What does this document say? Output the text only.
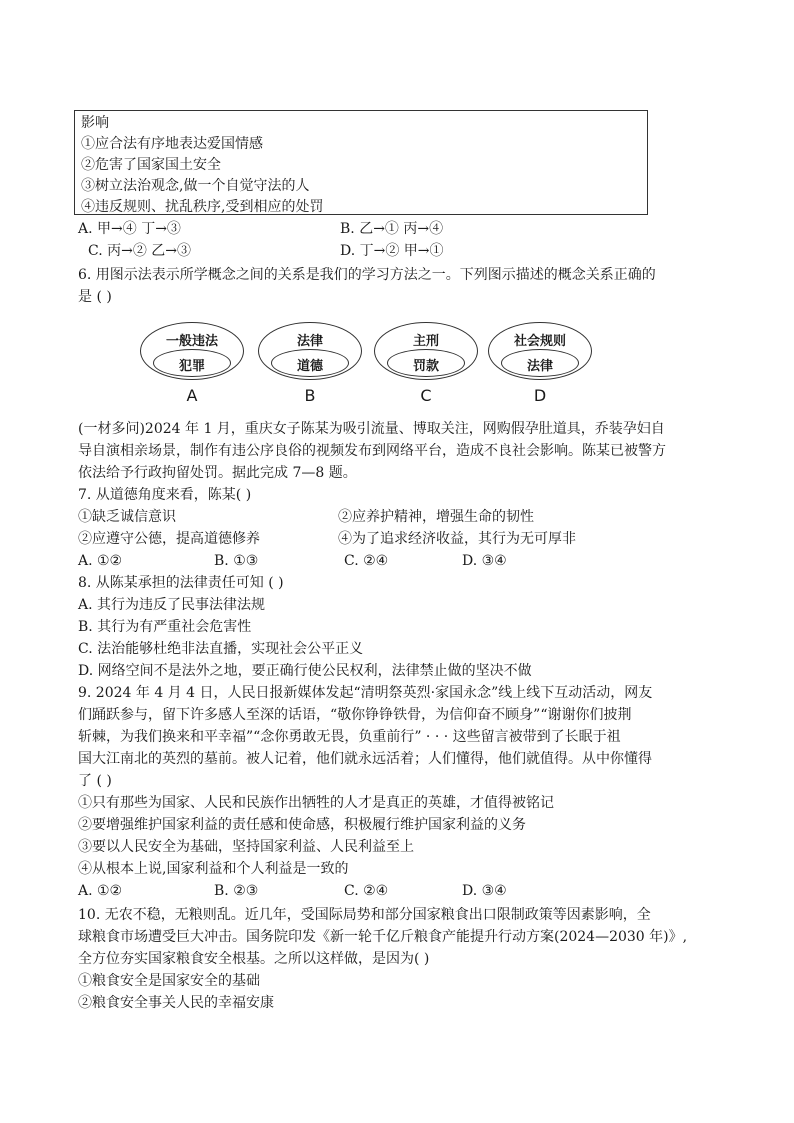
影响
①应合法有序地表达爱国情感
②危害了国家国土安全
③树立法治观念,做一个自觉守法的人
④违反规则、扰乱秩序,受到相应的处罚
A. 甲→④ 丁→③	B. 乙→① 丙→④
C. 丙→② 乙→③	D. 丁→② 甲→①
6. 用图示法表示所学概念之间的关系是我们的学习方法之一。下列图示描述的概念关系正确的
是 ( )
一般违法
犯罪
A
法律
道德
B
主刑
罚款
C
社会规则
法律
D
(一材多问)2024 年 1 月，重庆女子陈某为吸引流量、博取关注，网购假孕肚道具，乔装孕妇自
导自演相亲场景，制作有违公序良俗的视频发布到网络平台，造成不良社会影响。陈某已被警方
依法给予行政拘留处罚。据此完成 7—8 题。
7. 从道德角度来看，陈某( )
①缺乏诚信意识	②应养护精神，增强生命的韧性
②应遵守公德，提高道德修养	④为了追求经济收益，其行为无可厚非
A. ①②	B. ①③	C. ②④	D. ③④
8. 从陈某承担的法律责任可知 ( )
A. 其行为违反了民事法律法规
B. 其行为有严重社会危害性
C. 法治能够杜绝非法直播，实现社会公平正义
D. 网络空间不是法外之地，要正确行使公民权利，法律禁止做的坚决不做
9. 2024 年 4 月 4 日，人民日报新媒体发起“清明祭英烈·家国永念”线上线下互动活动，网友
们踊跃参与，留下许多感人至深的话语，“敬你铮铮铁骨，为信仰奋不顾身”“谢谢你们披荆
斩棘，为我们换来和平幸福”“念你勇敢无畏，负重前行” · · · 这些留言被带到了长眠于祖
国大江南北的英烈的墓前。被人记着，他们就永远活着；人们懂得，他们就值得。从中你懂得
了 ( )
①只有那些为国家、人民和民族作出牺牲的人才是真正的英雄，才值得被铭记
②要增强维护国家利益的责任感和使命感，积极履行维护国家利益的义务
③要以人民安全为基础，坚持国家利益、人民利益至上
④从根本上说,国家利益和个人利益是一致的
A. ①②	B. ②③	C. ②④	D. ③④
10. 无农不稳，无粮则乱。近几年，受国际局势和部分国家粮食出口限制政策等因素影响，全
球粮食市场遭受巨大冲击。国务院印发《新一轮千亿斤粮食产能提升行动方案(2024—2030 年)》,
全方位夯实国家粮食安全根基。之所以这样做，是因为( )
①粮食安全是国家安全的基础
②粮食安全事关人民的幸福安康
